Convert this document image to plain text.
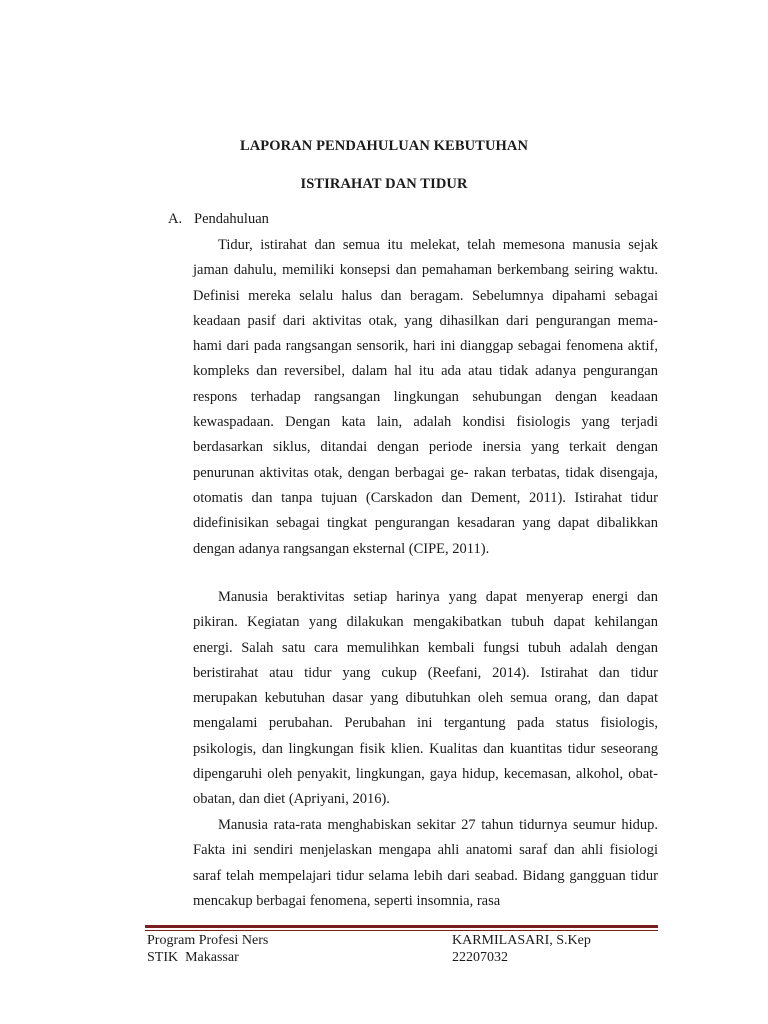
LAPORAN PENDAHULUAN KEBUTUHAN
ISTIRAHAT DAN TIDUR
A. Pendahuluan

Tidur, istirahat dan semua itu melekat, telah memesona manusia sejak jaman dahulu, memiliki konsepsi dan pemahaman berkembang seiring waktu. Definisi mereka selalu halus dan beragam. Sebelumnya dipahami sebagai keadaan pasif dari aktivitas otak, yang dihasilkan dari pengurangan mema- hami dari pada rangsangan sensorik, hari ini dianggap sebagai fenomena aktif, kompleks dan reversibel, dalam hal itu ada atau tidak adanya pengurangan respons terhadap rangsangan lingkungan sehubungan dengan keadaan kewaspadaan. Dengan kata lain, adalah kondisi fisiologis yang terjadi berdasarkan siklus, ditandai dengan periode inersia yang terkait dengan penurunan aktivitas otak, dengan berbagai ge- rakan terbatas, tidak disengaja, otomatis dan tanpa tujuan (Carskadon dan Dement, 2011). Istirahat tidur didefinisikan sebagai tingkat pengurangan kesadaran yang dapat dibalikkan dengan adanya rangsangan eksternal (CIPE, 2011).

Manusia beraktivitas setiap harinya yang dapat menyerap energi dan pikiran. Kegiatan yang dilakukan mengakibatkan tubuh dapat kehilangan energi. Salah satu cara memulihkan kembali fungsi tubuh adalah dengan beristirahat atau tidur yang cukup (Reefani, 2014). Istirahat dan tidur merupakan kebutuhan dasar yang dibutuhkan oleh semua orang, dan dapat mengalami perubahan. Perubahan ini tergantung pada status fisiologis, psikologis, dan lingkungan fisik klien. Kualitas dan kuantitas tidur seseorang dipengaruhi oleh penyakit, lingkungan, gaya hidup, kecemasan, alkohol, obat-obatan, dan diet (Apriyani, 2016).

Manusia rata-rata menghabiskan sekitar 27 tahun tidurnya seumur hidup. Fakta ini sendiri menjelaskan mengapa ahli anatomi saraf dan ahli fisiologi saraf telah mempelajari tidur selama lebih dari seabad. Bidang gangguan tidur mencakup berbagai fenomena, seperti insomnia, rasa

Program Profesi Ners
STIK  Makassar
KARMILASARI, S.Kep
22207032
